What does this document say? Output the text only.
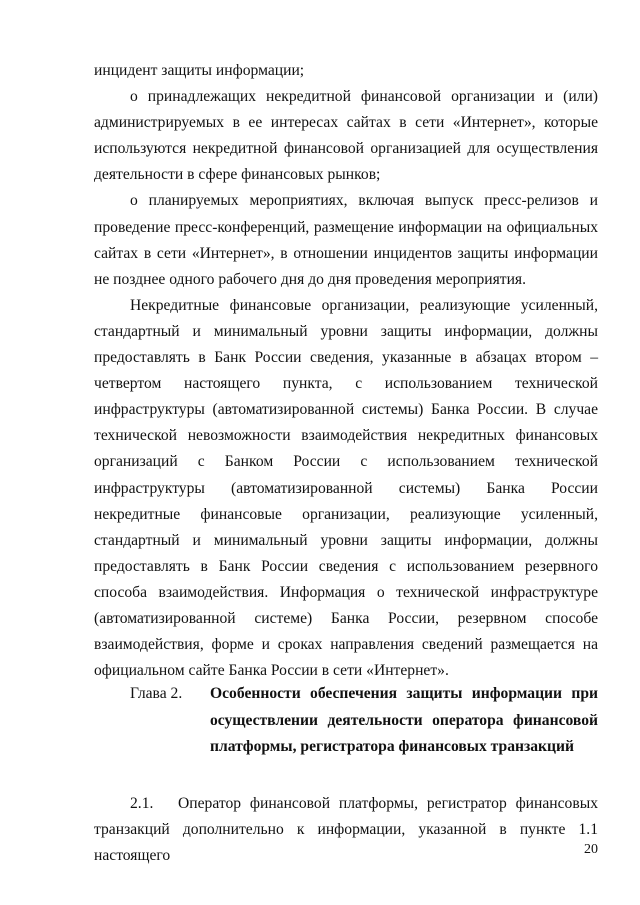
инцидент защиты информации;

о принадлежащих некредитной финансовой организации и (или) администрируемых в ее интересах сайтах в сети «Интернет», которые используются некредитной финансовой организацией для осуществления деятельности в сфере финансовых рынков;

о планируемых мероприятиях, включая выпуск пресс-релизов и проведение пресс-конференций, размещение информации на официальных сайтах в сети «Интернет», в отношении инцидентов защиты информации не позднее одного рабочего дня до дня проведения мероприятия.

Некредитные финансовые организации, реализующие усиленный, стандартный и минимальный уровни защиты информации, должны предоставлять в Банк России сведения, указанные в абзацах втором – четвертом настоящего пункта, с использованием технической инфраструктуры (автоматизированной системы) Банка России. В случае технической невозможности взаимодействия некредитных финансовых организаций с Банком России с использованием технической инфраструктуры (автоматизированной системы) Банка России некредитные финансовые организации, реализующие усиленный, стандартный и минимальный уровни защиты информации, должны предоставлять в Банк России сведения с использованием резервного способа взаимодействия. Информация о технической инфраструктуре (автоматизированной системе) Банка России, резервном способе взаимодействия, форме и сроках направления сведений размещается на официальном сайте Банка России в сети «Интернет».

Глава 2. Особенности обеспечения защиты информации при осуществлении деятельности оператора финансовой платформы, регистратора финансовых транзакций

2.1. Оператор финансовой платформы, регистратор финансовых транзакций дополнительно к информации, указанной в пункте 1.1 настоящего	20
